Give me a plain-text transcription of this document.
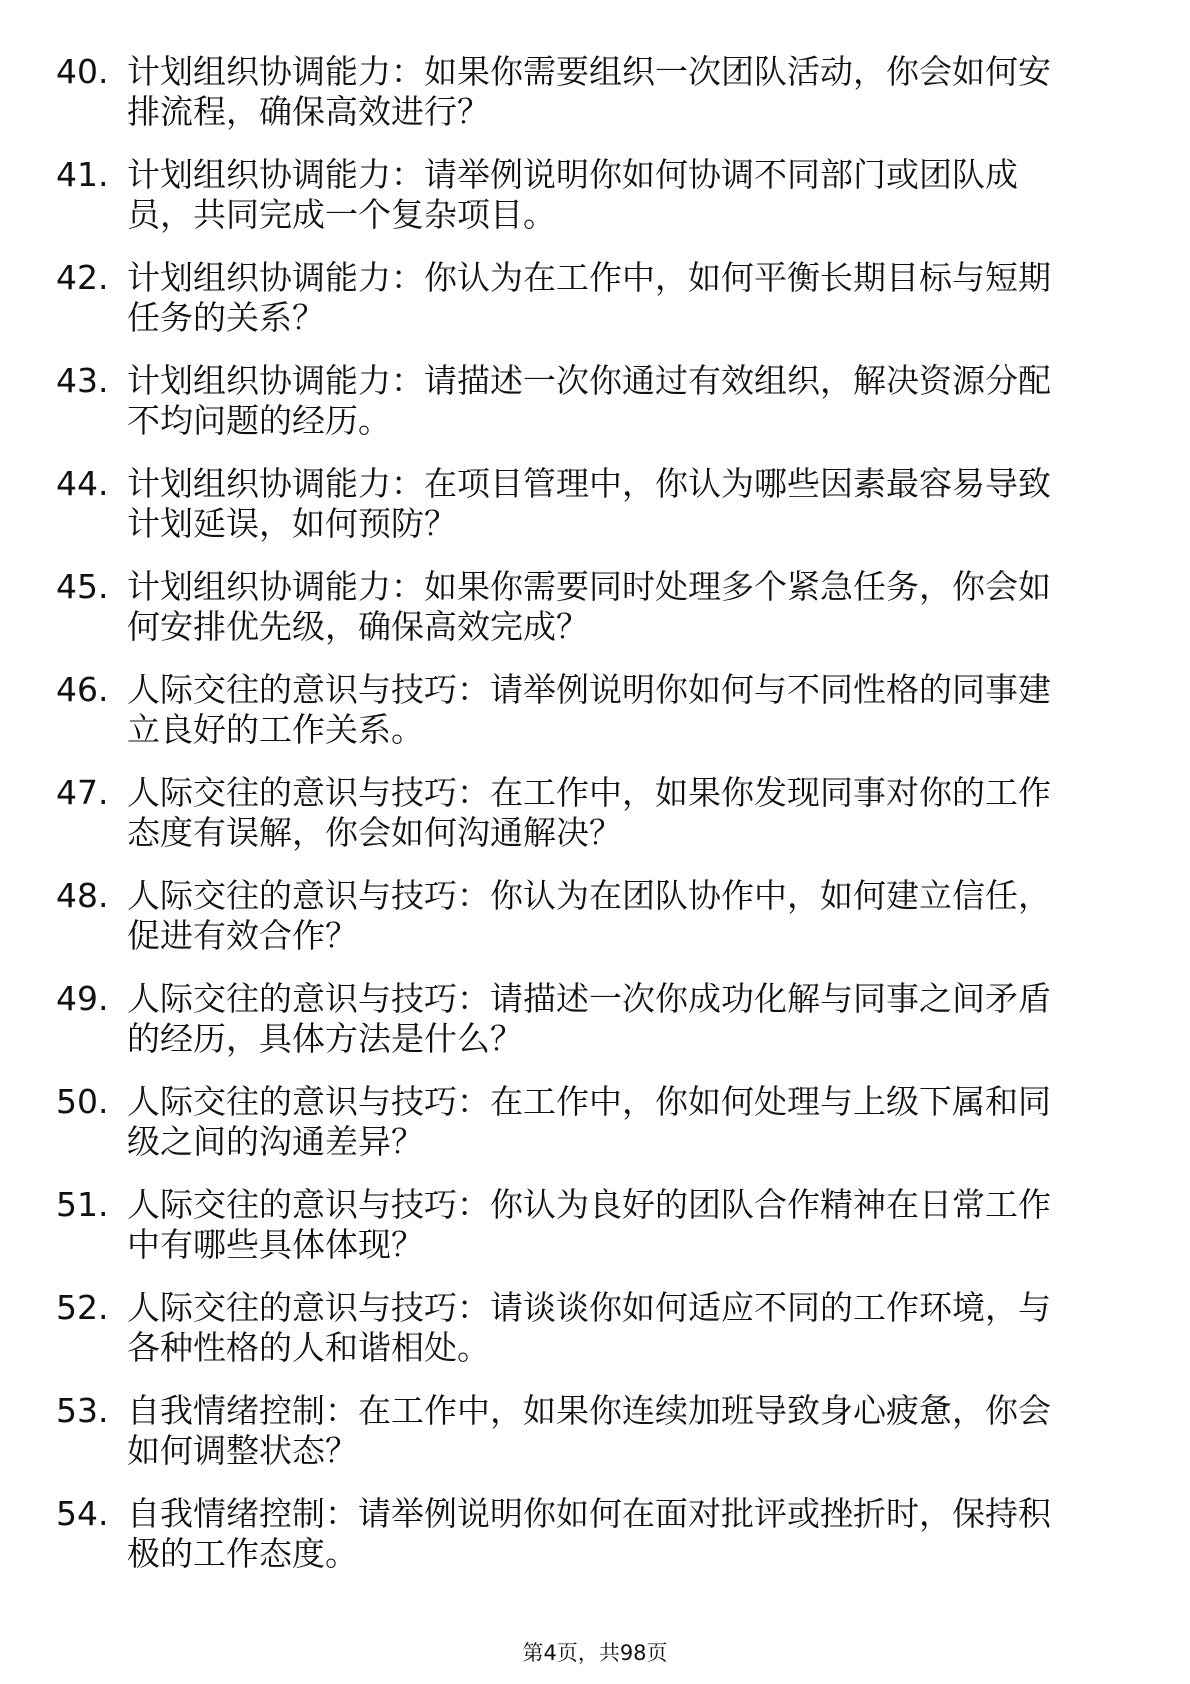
40. 计划组织协调能力：如果你需要组织一次团队活动，你会如何安
排流程，确保高效进行？
41. 计划组织协调能力：请举例说明你如何协调不同部门或团队成
员，共同完成一个复杂项目。
42. 计划组织协调能力：你认为在工作中，如何平衡长期目标与短期
任务的关系？
43. 计划组织协调能力：请描述一次你通过有效组织，解决资源分配
不均问题的经历。
44. 计划组织协调能力：在项目管理中，你认为哪些因素最容易导致
计划延误，如何预防？
45. 计划组织协调能力：如果你需要同时处理多个紧急任务，你会如
何安排优先级，确保高效完成？
46. 人际交往的意识与技巧：请举例说明你如何与不同性格的同事建
立良好的工作关系。
47. 人际交往的意识与技巧：在工作中，如果你发现同事对你的工作
态度有误解，你会如何沟通解决？
48. 人际交往的意识与技巧：你认为在团队协作中，如何建立信任，
促进有效合作？
49. 人际交往的意识与技巧：请描述一次你成功化解与同事之间矛盾
的经历，具体方法是什么？
50. 人际交往的意识与技巧：在工作中，你如何处理与上级下属和同
级之间的沟通差异？
51. 人际交往的意识与技巧：你认为良好的团队合作精神在日常工作
中有哪些具体体现？
52. 人际交往的意识与技巧：请谈谈你如何适应不同的工作环境，与
各种性格的人和谐相处。
53. 自我情绪控制：在工作中，如果你连续加班导致身心疲惫，你会
如何调整状态？
54. 自我情绪控制：请举例说明你如何在面对批评或挫折时，保持积
极的工作态度。
第4页，共98页
